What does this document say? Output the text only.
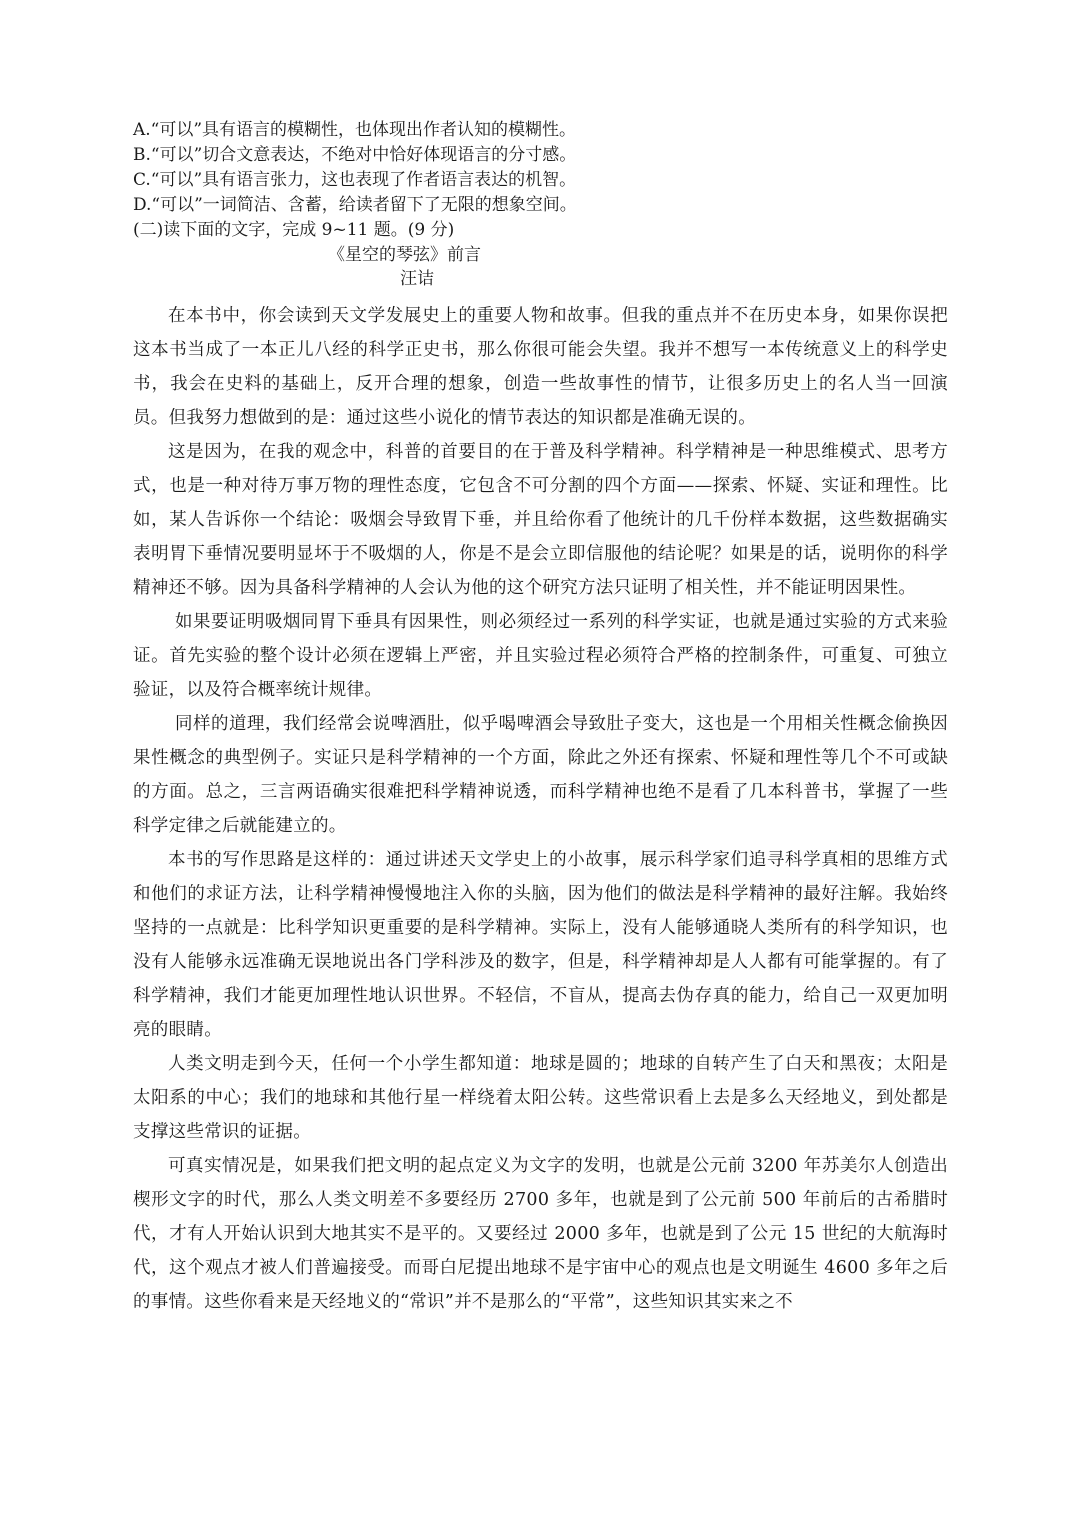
A.“可以”具有语言的模糊性，也体现出作者认知的模糊性。
B.“可以”切合文意表达，不绝对中恰好体现语言的分寸感。
C.“可以”具有语言张力，这也表现了作者语言表达的机智。
D.“可以”一词简洁、含蓄，给读者留下了无限的想象空间。
(二)读下面的文字，完成 9~11 题。(9 分)
《星空的琴弦》前言
汪诘

在本书中，你会读到天文学发展史上的重要人物和故事。但我的重点并不在历史本身，如果你误把这本书当成了一本正儿八经的科学正史书，那么你很可能会失望。我并不想写一本传统意义上的科学史书，我会在史料的基础上，反开合理的想象，创造一些故事性的情节，让很多历史上的名人当一回演员。但我努力想做到的是：通过这些小说化的情节表达的知识都是准确无误的。

这是因为，在我的观念中，科普的首要目的在于普及科学精神。科学精神是一种思维模式、思考方式，也是一种对待万事万物的理性态度，它包含不可分割的四个方面——探索、怀疑、实证和理性。比如，某人告诉你一个结论：吸烟会导致胃下垂，并且给你看了他统计的几千份样本数据，这些数据确实表明胃下垂情况要明显坏于不吸烟的人，你是不是会立即信服他的结论呢？如果是的话，说明你的科学精神还不够。因为具备科学精神的人会认为他的这个研究方法只证明了相关性，并不能证明因果性。

如果要证明吸烟同胃下垂具有因果性，则必须经过一系列的科学实证，也就是通过实验的方式来验证。首先实验的整个设计必须在逻辑上严密，并且实验过程必须符合严格的控制条件，可重复、可独立验证，以及符合概率统计规律。

同样的道理，我们经常会说啤酒肚，似乎喝啤酒会导致肚子变大，这也是一个用相关性概念偷换因果性概念的典型例子。实证只是科学精神的一个方面，除此之外还有探索、怀疑和理性等几个不可或缺的方面。总之，三言两语确实很难把科学精神说透，而科学精神也绝不是看了几本科普书，掌握了一些科学定律之后就能建立的。

本书的写作思路是这样的：通过讲述天文学史上的小故事，展示科学家们追寻科学真相的思维方式和他们的求证方法，让科学精神慢慢地注入你的头脑，因为他们的做法是科学精神的最好注解。我始终坚持的一点就是：比科学知识更重要的是科学精神。实际上，没有人能够通晓人类所有的科学知识，也没有人能够永远准确无误地说出各门学科涉及的数字，但是，科学精神却是人人都有可能掌握的。有了科学精神，我们才能更加理性地认识世界。不轻信，不盲从，提高去伪存真的能力，给自己一双更加明亮的眼睛。

人类文明走到今天，任何一个小学生都知道：地球是圆的；地球的自转产生了白天和黑夜；太阳是太阳系的中心；我们的地球和其他行星一样绕着太阳公转。这些常识看上去是多么天经地义，到处都是支撑这些常识的证据。

可真实情况是，如果我们把文明的起点定义为文字的发明，也就是公元前 3200 年苏美尔人创造出楔形文字的时代，那么人类文明差不多要经历 2700 多年，也就是到了公元前 500 年前后的古希腊时代，才有人开始认识到大地其实不是平的。又要经过 2000 多年，也就是到了公元 15 世纪的大航海时代，这个观点才被人们普遍接受。而哥白尼提出地球不是宇宙中心的观点也是文明诞生 4600 多年之后的事情。这些你看来是天经地义的“常识”并不是那么的“平常”，这些知识其实来之不
